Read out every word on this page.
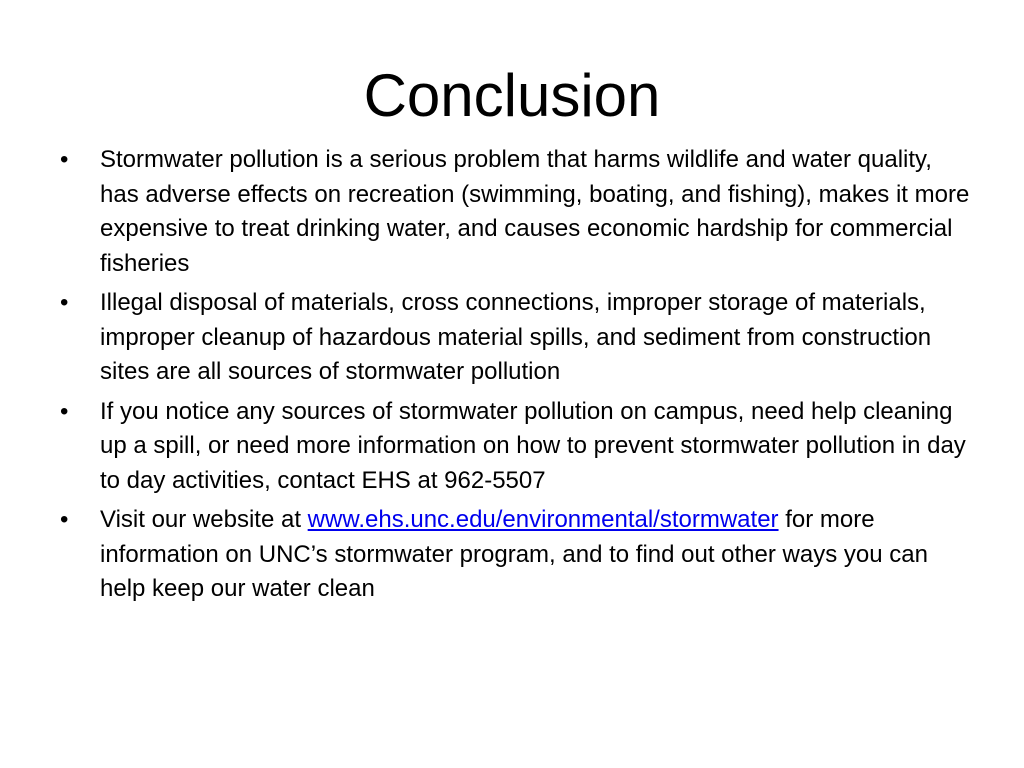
Conclusion
• Stormwater pollution is a serious problem that harms wildlife and water quality, has adverse effects on recreation (swimming, boating, and fishing), makes it more expensive to treat drinking water, and causes economic hardship for commercial fisheries
• Illegal disposal of materials, cross connections, improper storage of materials, improper cleanup of hazardous material spills, and sediment from construction sites are all sources of stormwater pollution
• If you notice any sources of stormwater pollution on campus, need help cleaning up a spill, or need more information on how to prevent stormwater pollution in day to day activities, contact EHS at 962-5507
• Visit our website at www.ehs.unc.edu/environmental/stormwater for more information on UNC’s stormwater program, and to find out other ways you can help keep our water clean
